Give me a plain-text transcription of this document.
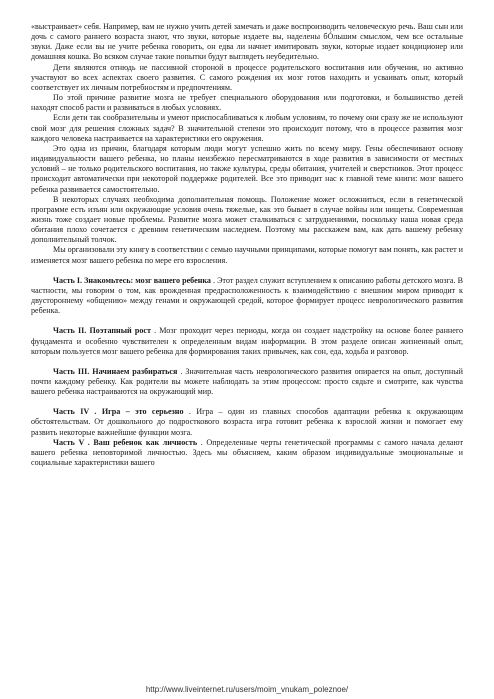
«выстраивает» себя. Например, вам не нужно учить детей замечать и даже воспроизводить человеческую речь. Ваш сын или дочь с самого раннего возраста знают, что звуки, которые издаете вы, наделены бÓльшим смыслом, чем все остальные звуки. Даже если вы не учите ребенка говорить, он едва ли начнет имитировать звуки, которые издает кондиционер или домашняя кошка. Во всяком случае такие попытки будут выглядеть неубедительно.

Дети являются отнюдь не пассивной стороной в процессе родительского воспитания или обучения, но активно участвуют во всех аспектах своего развития. С самого рождения их мозг готов находить и усваивать опыт, который соответствует их личным потребностям и предпочтениям.

По этой причине развитие мозга не требует специального оборудования или подготовки, и большинство детей находят способ расти и развиваться в любых условиях.

Если дети так сообразительны и умеют приспосабливаться к любым условиям, то почему они сразу же не используют свой мозг для решения сложных задач? В значительной степени это происходит потому, что в процессе развития мозг каждого человека настраивается на характеристики его окружения.

Это одна из причин, благодаря которым люди могут успешно жить по всему миру. Гены обеспечивают основу индивидуальности вашего ребенка, но планы неизбежно пересматриваются в ходе развития в зависимости от местных условий – не только родительского воспитания, но также культуры, среды обитания, учителей и сверстников. Этот процесс происходит автоматически при некоторой поддержке родителей. Все это приводит нас к главной теме книги: мозг вашего ребенка развивается самостоятельно.

В некоторых случаях необходима дополнительная помощь. Положение может осложниться, если в генетической программе есть изъян или окружающие условия очень тяжелые, как это бывает в случае войны или нищеты. Современная жизнь тоже создает новые проблемы. Развитие мозга может сталкиваться с затруднениями, поскольку наша новая среда обитания плохо сочетается с древним генетическим наследием. Поэтому мы расскажем вам, как дать вашему ребенку дополнительный толчок.

Мы организовали эту книгу в соответствии с семью научными принципами, которые помогут вам понять, как растет и изменяется мозг вашего ребенка по мере его взросления.

Часть I. Знакомьтесь: мозг вашего ребенка . Этот раздел служит вступлением к описанию работы детского мозга. В частности, мы говорим о том, как врожденная предрасположенность к взаимодействию с внешним миром приводит к двустороннему «общению» между генами и окружающей средой, которое формирует процесс неврологического развития ребенка.

Часть II. Поэтапный рост . Мозг проходит через периоды, когда он создает надстройку на основе более раннего фундамента и особенно чувствителен к определенным видам информации. В этом разделе описан жизненный опыт, которым пользуется мозг вашего ребенка для формирования таких привычек, как сон, еда, ходьба и разговор.

Часть III. Начинаем разбираться . Значительная часть неврологического развития опирается на опыт, доступный почти каждому ребенку. Как родители вы можете наблюдать за этим процессом: просто сядьте и смотрите, как чувства вашего ребенка настраиваются на окружающий мир.

Часть IV . Игра – это серьезно . Игра – один из главных способов адаптации ребенка к окружающим обстоятельствам. От дошкольного до подросткового возраста игра готовит ребенка к взрослой жизни и помогает ему развить некоторые важнейшие функции мозга.

Часть V . Ваш ребенок как личность . Определенные черты генетической программы с самого начала делают вашего ребенка неповторимой личностью. Здесь мы объясняем, каким образом индивидуальные эмоциональные и социальные характеристики вашего

http://www.liveinternet.ru/users/moim_vnukam_poleznoe/
